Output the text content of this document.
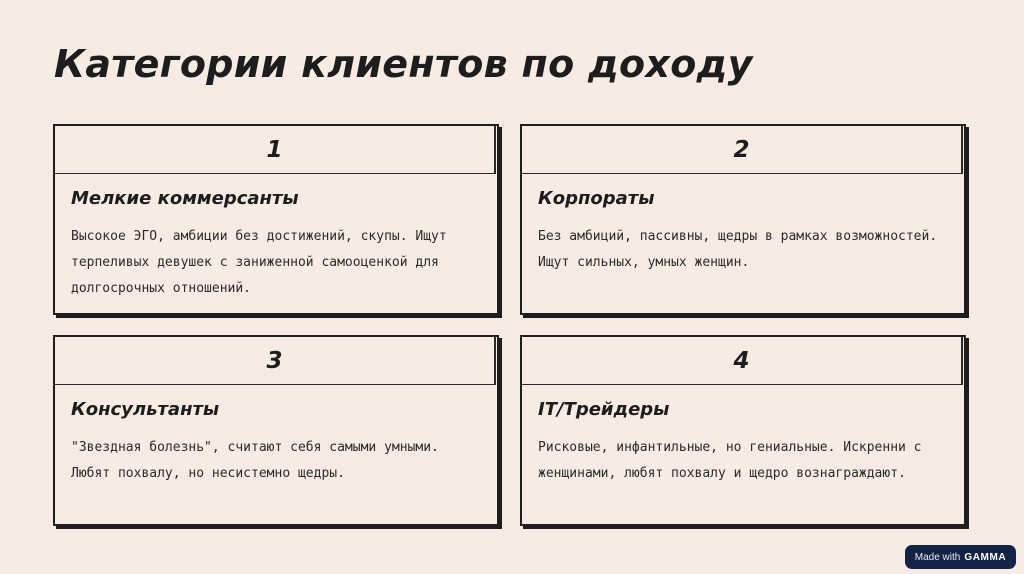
Категории клиентов по доходу
1
Мелкие коммерсанты

Высокое ЭГО, амбиции без достижений, скупы. Ищут терпеливых девушек с заниженной самооценкой для долгосрочных отношений.

2
Корпораты

Без амбиций, пассивны, щедры в рамках возможностей. Ищут сильных, умных женщин.

3
Консультанты

"Звездная болезнь", считают себя самыми умными. Любят похвалу, но несистемно щедры.

4
IT/Трейдеры

Рисковые, инфантильные, но гениальные. Искренни с женщинами, любят похвалу и щедро вознаграждают.

Made with GAMMA
